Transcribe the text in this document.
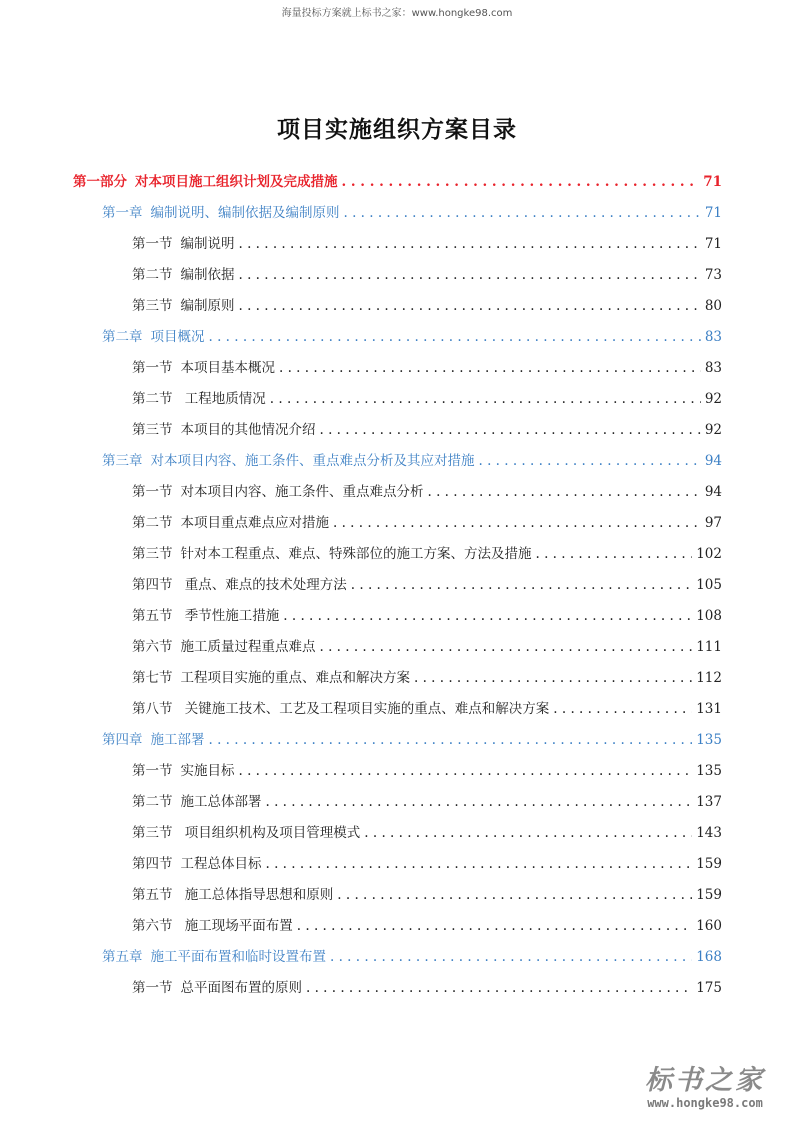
海量投标方案就上标书之家：www.hongke98.com
项目实施组织方案目录
第一部分 对本项目施工组织计划及完成措施 . . .	71
第一章 编制说明、编制依据及编制原则 . . .	71
第一节 编制说明 . . .	71
第二节 编制依据 . . .	73
第三节 编制原则 . . .	80
第二章 项目概况 . . .	83
第一节 本项目基本概况 . . .	83
第二节 工程地质情况 . . .	92
第三节 本项目的其他情况介绍 . . .	92
第三章 对本项目内容、施工条件、重点难点分析及其应对措施 . . .	94
第一节 对本项目内容、施工条件、重点难点分析 . . .	94
第二节 本项目重点难点应对措施 . . .	97
第三节 针对本工程重点、难点、特殊部位的施工方案、方法及措施 . . .	102
第四节 重点、难点的技术处理方法 . . .	105
第五节 季节性施工措施 . . .	108
第六节 施工质量过程重点难点 . . .	111
第七节 工程项目实施的重点、难点和解决方案 . . .	112
第八节 关键施工技术、工艺及工程项目实施的重点、难点和解决方案 . . .	131
第四章 施工部署 . . .	135
第一节 实施目标 . . .	135
第二节 施工总体部署 . . .	137
第三节 项目组织机构及项目管理模式 . . .	143
第四节 工程总体目标 . . .	159
第五节 施工总体指导思想和原则 . . .	159
第六节 施工现场平面布置 . . .	160
第五章 施工平面布置和临时设置布置 . . .	168
第一节 总平面图布置的原则 . . .	175
标书之家
www.hongke98.com
